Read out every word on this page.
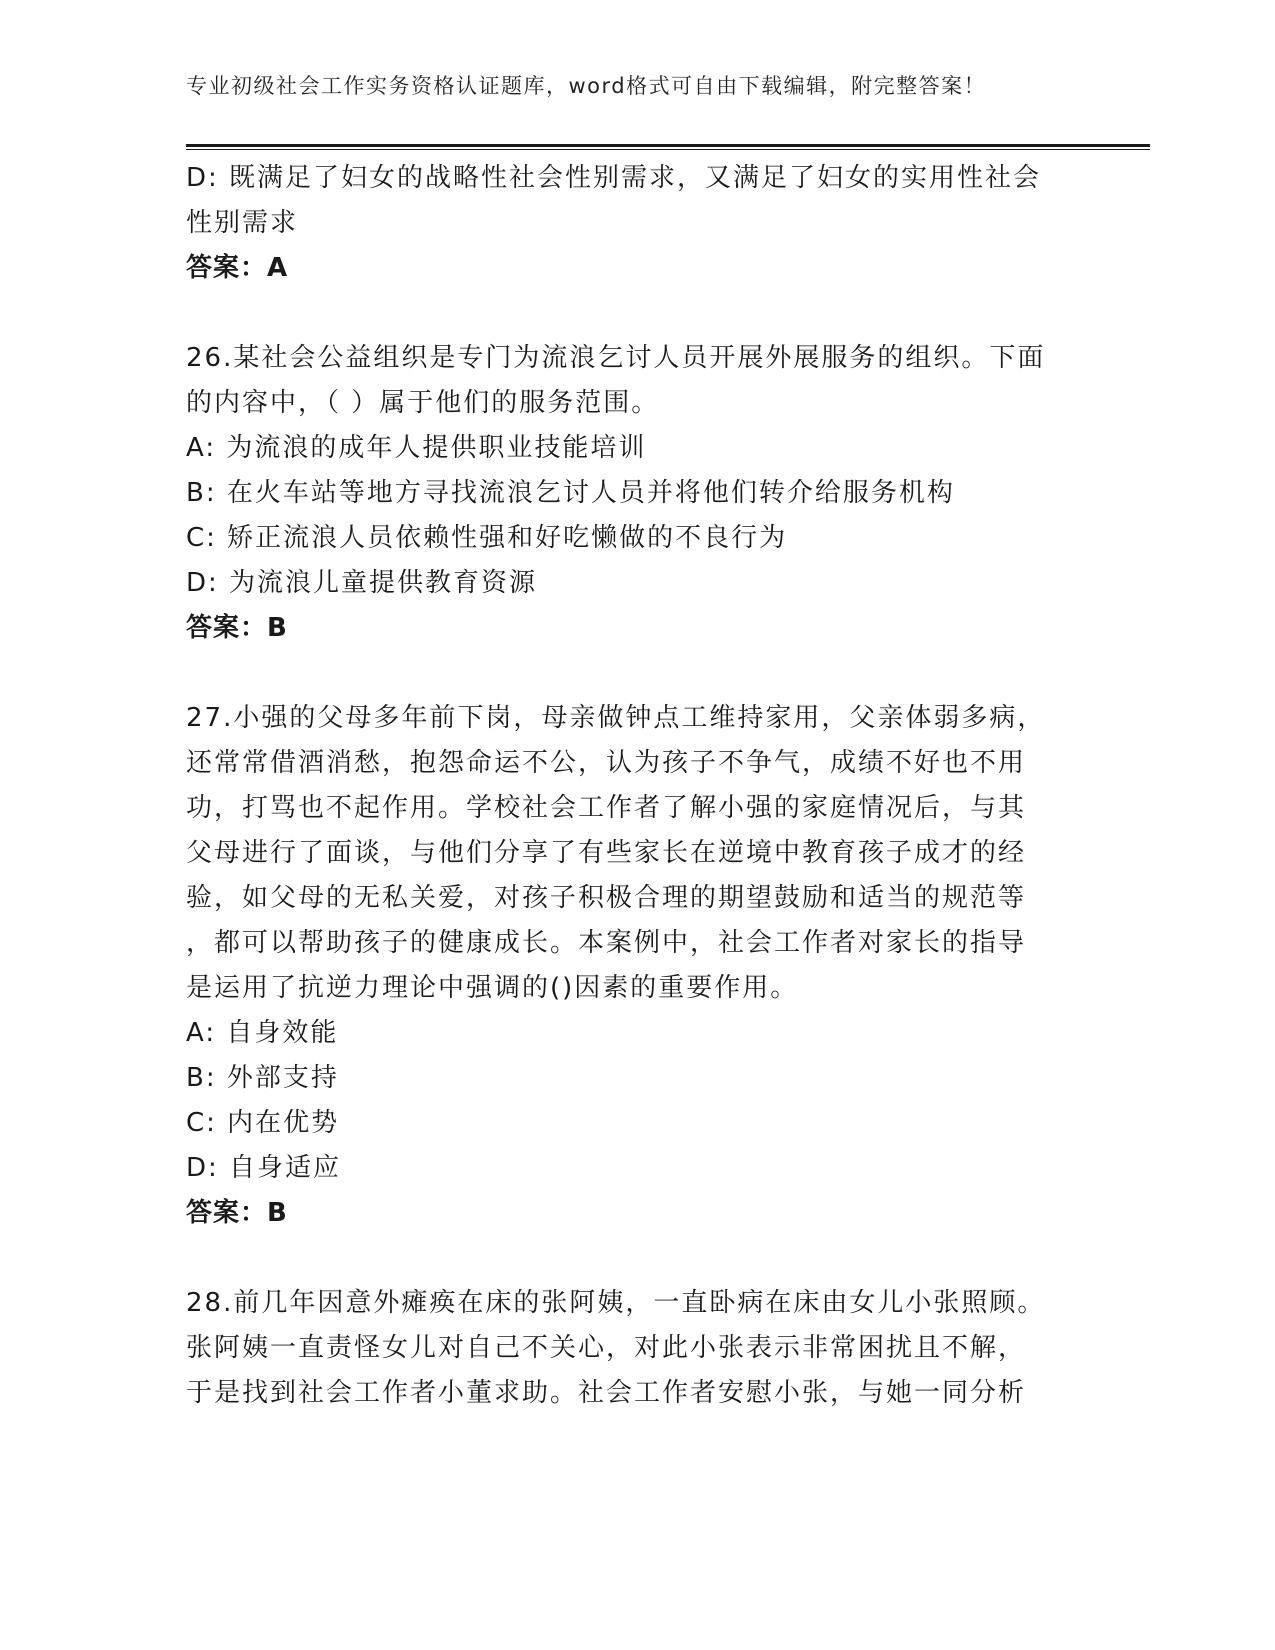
专业初级社会工作实务资格认证题库，word格式可自由下载编辑，附完整答案！
D: 既满足了妇女的战略性社会性别需求，又满足了妇女的实用性社会
性别需求
答案：A
26.某社会公益组织是专门为流浪乞讨人员开展外展服务的组织。下面
的内容中，（ ）属于他们的服务范围。
A: 为流浪的成年人提供职业技能培训
B: 在火车站等地方寻找流浪乞讨人员并将他们转介给服务机构
C: 矫正流浪人员依赖性强和好吃懒做的不良行为
D: 为流浪儿童提供教育资源
答案：B
27.小强的父母多年前下岗，母亲做钟点工维持家用，父亲体弱多病，
还常常借酒消愁，抱怨命运不公，认为孩子不争气，成绩不好也不用
功，打骂也不起作用。学校社会工作者了解小强的家庭情况后，与其
父母进行了面谈，与他们分享了有些家长在逆境中教育孩子成才的经
验，如父母的无私关爱，对孩子积极合理的期望鼓励和适当的规范等
，都可以帮助孩子的健康成长。本案例中，社会工作者对家长的指导
是运用了抗逆力理论中强调的()因素的重要作用。
A: 自身效能
B: 外部支持
C: 内在优势
D: 自身适应
答案：B
28.前几年因意外瘫痪在床的张阿姨，一直卧病在床由女儿小张照顾。
张阿姨一直责怪女儿对自己不关心，对此小张表示非常困扰且不解，
于是找到社会工作者小董求助。社会工作者安慰小张，与她一同分析
